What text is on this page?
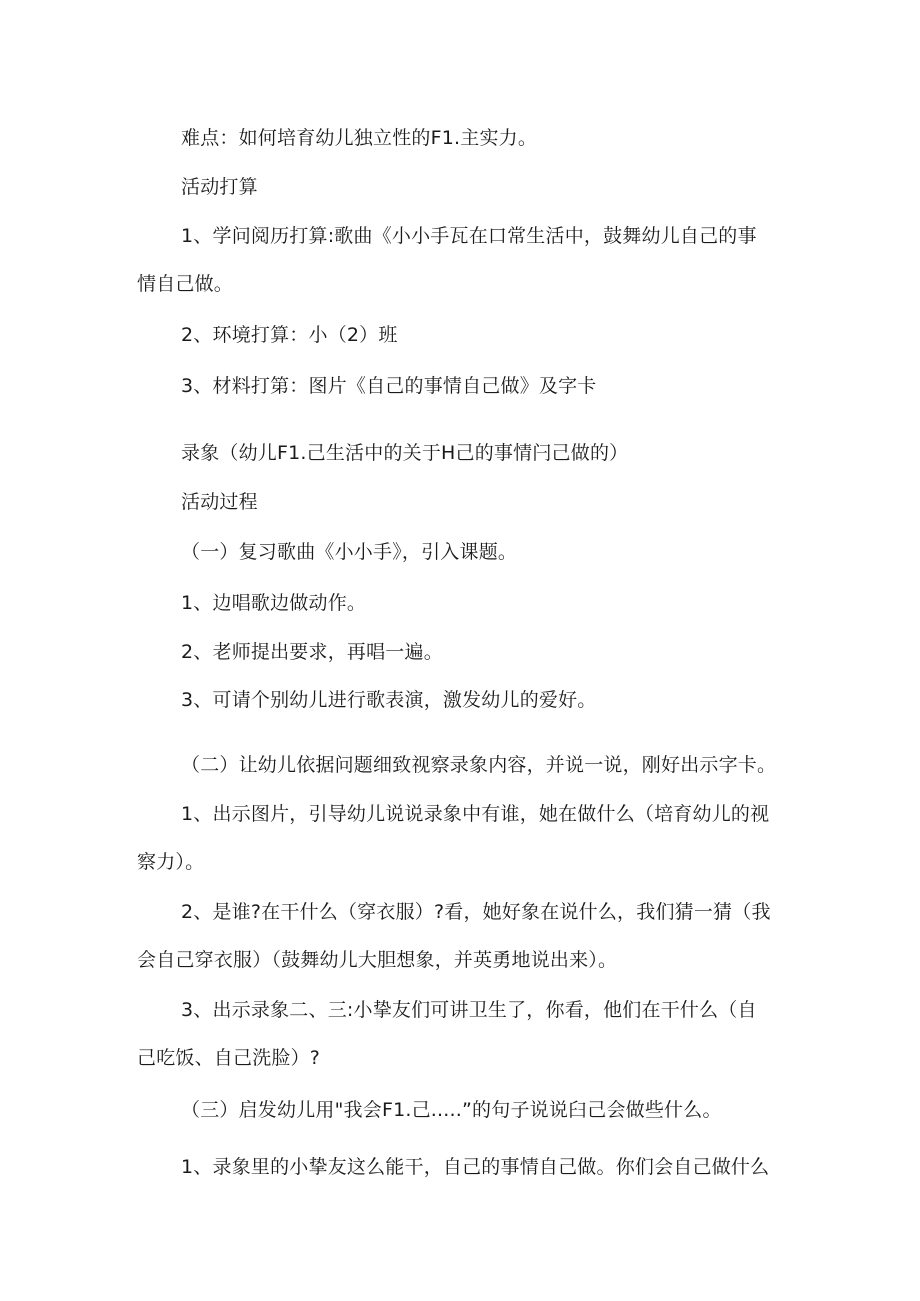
难点：如何培育幼儿独立性的F1.主实力。
活动打算
1、学问阅历打算:歌曲《小小手瓦在口常生活中，鼓舞幼儿自己的事
情自己做。
2、环境打算：小（2）班
3、材料打第：图片《自己的事情自己做》及字卡
录象（幼儿F1.己生活中的关于H己的事情闩己做的）
活动过程
（一）复习歌曲《小小手》，引入课题。
1、边唱歌边做动作。
2、老师提出要求，再唱一遍。
3、可请个别幼儿进行歌表演，激发幼儿的爱好。
（二）让幼儿依据问题细致视察录象内容，并说一说，刚好出示字卡。
1、出示图片，引导幼儿说说录象中有谁，她在做什么（培育幼儿的视
察力）。
2、是谁?在干什么（穿衣服）?看，她好象在说什么，我们猜一猜（我
会自己穿衣服）（鼓舞幼儿大胆想象，并英勇地说出来）。
3、出示录象二、三:小挚友们可讲卫生了，你看，他们在干什么（自
己吃饭、自己洗脸）?
（三）启发幼儿用"我会F1.己.....”的句子说说臼己会做些什么。
1、录象里的小挚友这么能干，自己的事情自己做。你们会自己做什么
